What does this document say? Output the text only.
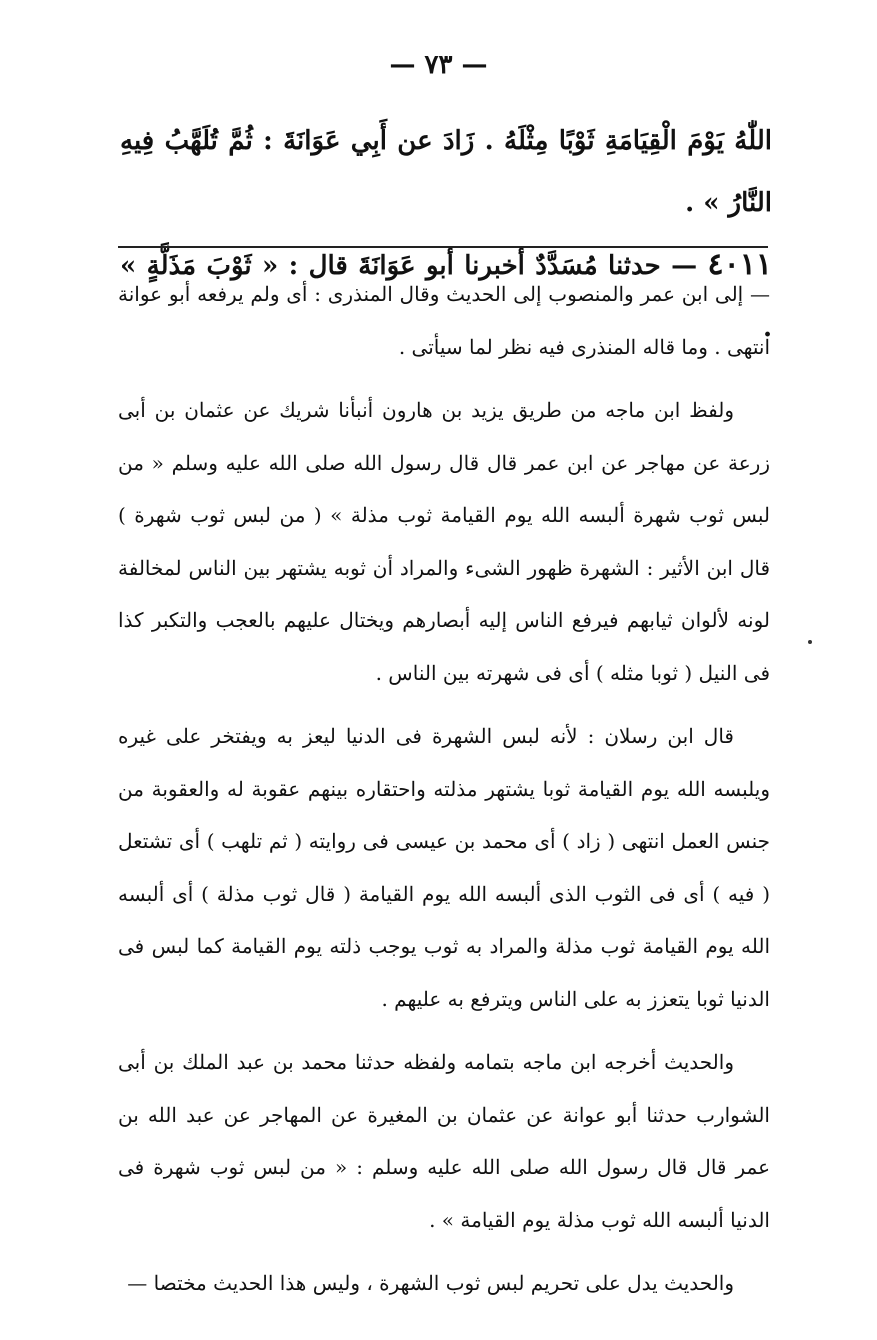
— ٧٣ —

اللّٰهُ يَوْمَ الْقِيَامَةِ ثَوْبًا مِثْلَهُ . زَادَ عن أَبِي عَوَانَةَ : ثُمَّ تُلَهَّبُ فِيهِ النَّارُ » .

٤٠١١ — حدثنا مُسَدَّدٌ أخبرنا أبو عَوَانَةَ قال : « ثَوْبَ مَذَلَّةٍ » .

— إلى ابن عمر والمنصوب إلى الحديث وقال المنذرى : أى ولم يرفعه أبو عوانة انتهى . وما قاله المنذرى فيه نظر لما سيأتى .

ولفظ ابن ماجه من طريق يزيد بن هارون أنبأنا شريك عن عثمان بن أبى زرعة عن مهاجر عن ابن عمر قال قال رسول الله صلى الله عليه وسلم « من لبس ثوب شهرة ألبسه الله يوم القيامة ثوب مذلة » ( من لبس ثوب شهرة ) قال ابن الأثير : الشهرة ظهور الشىء والمراد أن ثوبه يشتهر بين الناس لمخالفة لونه لألوان ثيابهم فيرفع الناس إليه أبصارهم ويختال عليهم بالعجب والتكبر كذا فى النيل ( ثوبا مثله ) أى فى شهرته بين الناس .

قال ابن رسلان : لأنه لبس الشهرة فى الدنيا ليعز به ويفتخر على غيره ويلبسه الله يوم القيامة ثوبا يشتهر مذلته واحتقاره بينهم عقوبة له والعقوبة من جنس العمل انتهى ( زاد ) أى محمد بن عيسى فى روايته ( ثم تلهب ) أى تشتعل ( فيه ) أى فى الثوب الذى ألبسه الله يوم القيامة ( قال ثوب مذلة ) أى ألبسه الله يوم القيامة ثوب مذلة والمراد به ثوب يوجب ذلته يوم القيامة كما لبس فى الدنيا ثوبا يتعزز به على الناس ويترفع به عليهم .

والحديث أخرجه ابن ماجه بتمامه ولفظه حدثنا محمد بن عبد الملك بن أبى الشوارب حدثنا أبو عوانة عن عثمان بن المغيرة عن المهاجر عن عبد الله بن عمر قال قال رسول الله صلى الله عليه وسلم : « من لبس ثوب شهرة فى الدنيا ألبسه الله ثوب مذلة يوم القيامة » .

والحديث يدل على تحريم لبس ثوب الشهرة ، وليس هذا الحديث مختصا —
